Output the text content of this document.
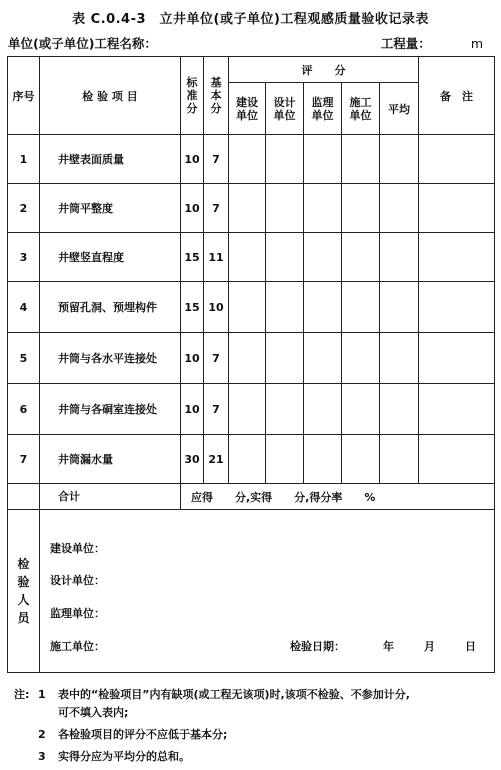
表 C.0.4-3　立井单位(或子单位)工程观感质量验收记录表
单位(或子单位)工程名称：	工程量：	m
序号	检 验 项 目	标准分	基本分	评　　分					备　注

				建设单位	设计单位	监理单位	施工单位	平均	
1	井壁表面质量	10	7						
2	井筒平整度	10	7						
3	井壁竖直程度	15	11						
4	预留孔洞、预埋构件	15	10						
5	井筒与各水平连接处	10	7						
6	井筒与各硐室连接处	10	7						
7	井筒漏水量	30	21						
	合计	应得　　分,实得　　分,得分率　　%							

检验人员	建设单位：
设计单位：
监理单位：
施工单位： 检验日期： 年 月 日								
注: 1	表中的“检验项目”内有缺项(或工程无该项)时,该项不检验、不参加计分,
可不填入表内;
2	各检验项目的评分不应低于基本分;
3	实得分应为平均分的总和。
